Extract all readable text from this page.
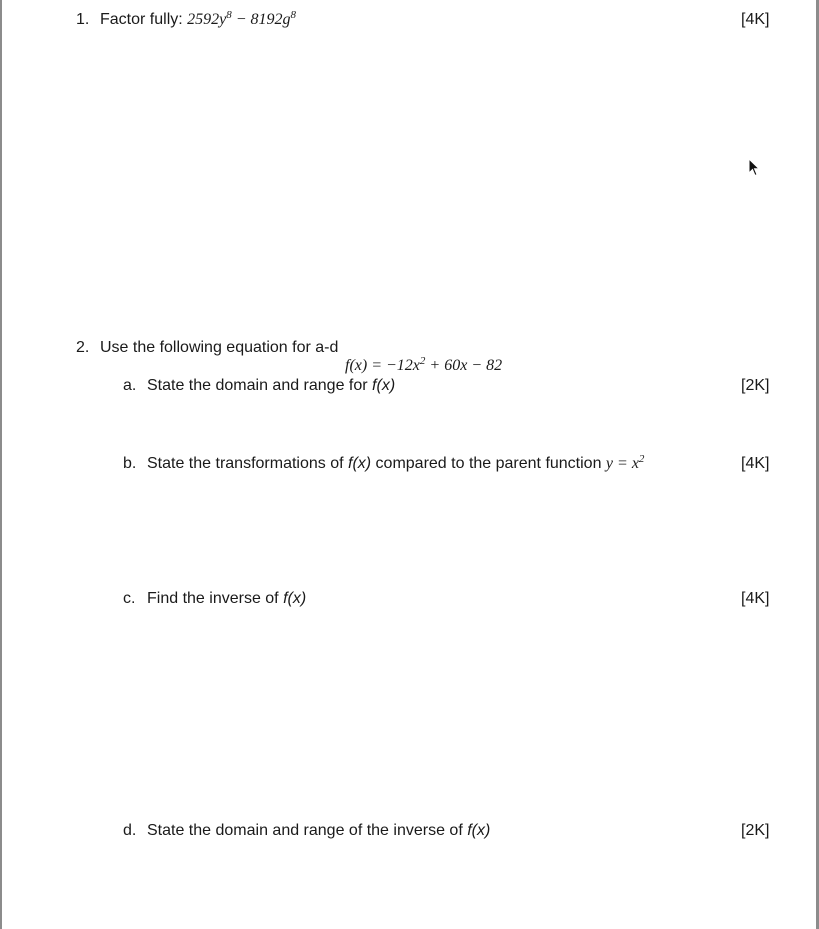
1. Factor fully: $2592y^8 - 8192g^8$	[4K]
2. Use the following equation for a-d
$f(x) = -12x^2 + 60x - 82$
a. State the domain and range for f(x)	[2K]
b. State the transformations of f(x) compared to the parent function $y = x^2$	[4K]
c. Find the inverse of f(x)	[4K]
d. State the domain and range of the inverse of f(x)	[2K]
